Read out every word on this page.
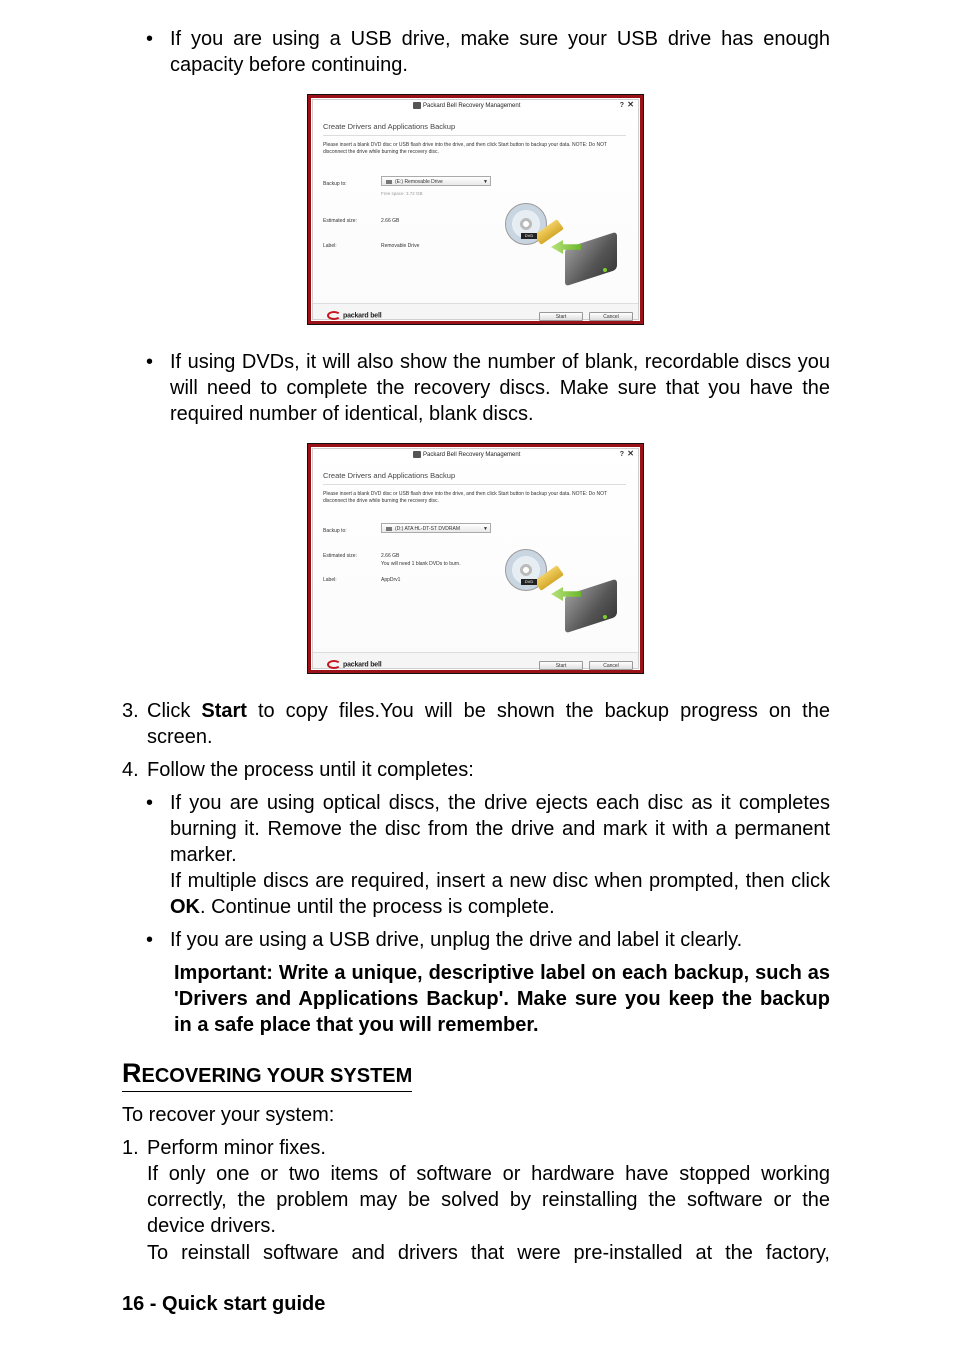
• If you are using a USB drive, make sure your USB drive has enough capacity before continuing.
Packard Bell Recovery Management	? ✕
Create Drivers and Applications Backup
Please insert a blank DVD disc or USB flash drive into the drive, and then click Start button to backup your data. NOTE: Do NOT disconnect the drive while burning the recovery disc.
Backup to:	(E:) Removable Drive	▼
Free space: 3.72 GB
Estimated size:	2.66 GB
Label:	Removable Drive
DVD
packard bell	Start	Cancel
• If using DVDs, it will also show the number of blank, recordable discs you will need to complete the recovery discs. Make sure that you have the required number of identical, blank discs.
Packard Bell Recovery Management	? ✕
Create Drivers and Applications Backup
Please insert a blank DVD disc or USB flash drive into the drive, and then click Start button to backup your data. NOTE: Do NOT disconnect the drive while burning the recovery disc.
Backup to:	(D:) ATA HL-DT-ST DVDRAM	▼
Estimated size:	2.66 GB
You will need 1 blank DVDs to burn.
Label:	AppDrv1	DVD
packard bell	Start	Cancel
3. Click Start to copy files.You will be shown the backup progress on the screen.
4. Follow the process until it completes:
• If you are using optical discs, the drive ejects each disc as it completes burning it. Remove the disc from the drive and mark it with a permanent marker.
If multiple discs are required, insert a new disc when prompted, then click OK. Continue until the process is complete.
• If you are using a USB drive, unplug the drive and label it clearly.
Important: Write a unique, descriptive label on each backup, such as 'Drivers and Applications Backup'. Make sure you keep the backup in a safe place that you will remember.
RECOVERING YOUR SYSTEM
To recover your system:
1. Perform minor fixes.
If only one or two items of software or hardware have stopped working correctly, the problem may be solved by reinstalling the software or the device drivers.
To reinstall software and drivers that were pre-installed at the factory,
16 - Quick start guide
